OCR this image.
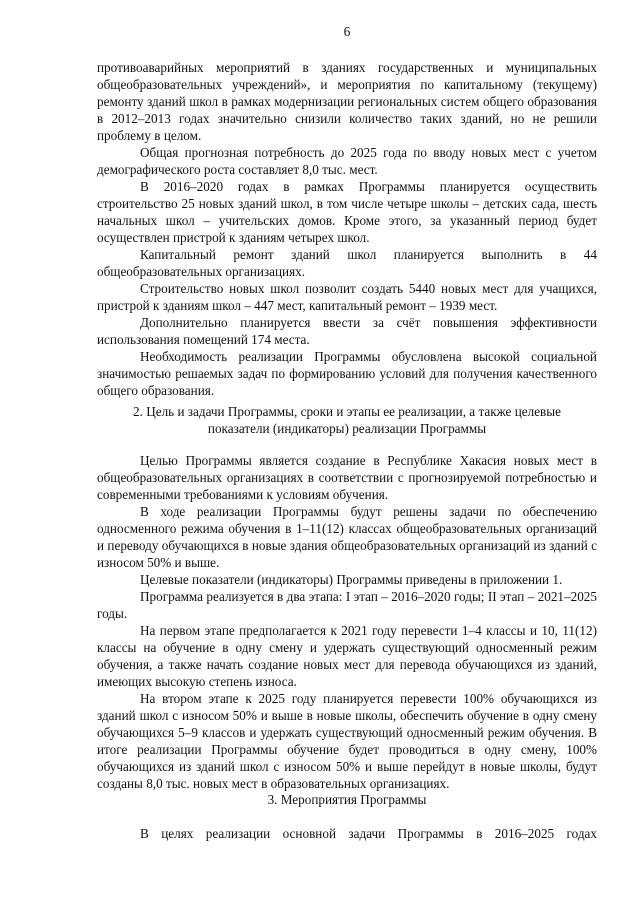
6

противоаварийных мероприятий в зданиях государственных и муниципальных общеобразовательных учреждений», и мероприятия по капитальному (текущему) ремонту зданий школ в рамках модернизации региональных систем общего образования в 2012–2013 годах значительно снизили количество таких зданий, но не решили проблему в целом.

Общая прогнозная потребность до 2025 года по вводу новых мест с учетом демографического роста составляет 8,0 тыс. мест.

В 2016–2020 годах в рамках Программы планируется осуществить строительство 25 новых зданий школ, в том числе четыре школы – детских сада, шесть начальных школ – учительских домов. Кроме этого, за указанный период будет осуществлен пристрой к зданиям четырех школ.

Капитальный ремонт зданий школ планируется выполнить в 44 общеобразовательных организациях.

Строительство новых школ позволит создать 5440 новых мест для учащихся, пристрой к зданиям школ – 447 мест, капитальный ремонт – 1939 мест.

Дополнительно планируется ввести за счёт повышения эффективности использования помещений 174 места.

Необходимость реализации Программы обусловлена высокой социальной значимостью решаемых задач по формированию условий для получения качественного общего образования.

2. Цель и задачи Программы, сроки и этапы ее реализации, а также целевые

показатели (индикаторы) реализации Программы

Целью Программы является создание в Республике Хакасия новых мест в общеобразовательных организациях в соответствии с прогнозируемой потребностью и современными требованиями к условиям обучения.

В ходе реализации Программы будут решены задачи по обеспечению односменного режима обучения в 1–11(12) классах общеобразовательных организаций и переводу обучающихся в новые здания общеобразовательных организаций из зданий с износом 50% и выше.

Целевые показатели (индикаторы) Программы приведены в приложении 1.

Программа реализуется в два этапа: I этап – 2016–2020 годы; II этап – 2021–2025 годы.

На первом этапе предполагается к 2021 году перевести 1–4 классы и 10, 11(12) классы на обучение в одну смену и удержать существующий односменный режим обучения, а также начать создание новых мест для перевода обучающихся из зданий, имеющих высокую степень износа.

На втором этапе к 2025 году планируется перевести 100% обучающихся из зданий школ с износом 50% и выше в новые школы, обеспечить обучение в одну смену обучающихся 5–9 классов и удержать существующий односменный режим обучения. В итоге реализации Программы обучение будет проводиться в одну смену, 100% обучающихся из зданий школ с износом 50% и выше перейдут в новые школы, будут созданы 8,0 тыс. новых мест в образовательных организациях.

3. Мероприятия Программы

В целях реализации основной задачи Программы в 2016–2025 годах
